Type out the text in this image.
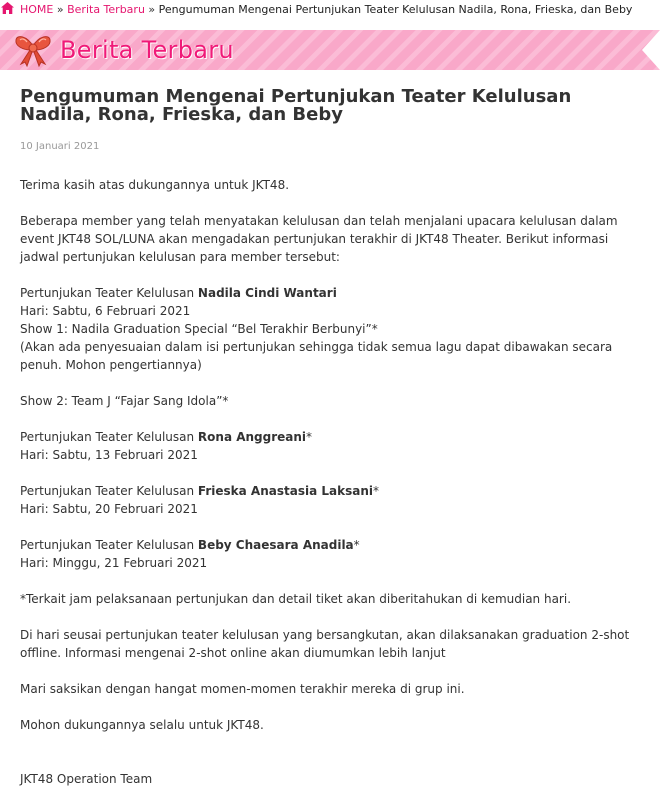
HOME » Berita Terbaru » Pengumuman Mengenai Pertunjukan Teater Kelulusan Nadila, Rona, Frieska, dan Beby
Berita Terbaru
Pengumuman Mengenai Pertunjukan Teater Kelulusan Nadila, Rona, Frieska, dan Beby
10 Januari 2021

Terima kasih atas dukungannya untuk JKT48.

Beberapa member yang telah menyatakan kelulusan dan telah menjalani upacara kelulusan dalam event JKT48 SOL/LUNA akan mengadakan pertunjukan terakhir di JKT48 Theater. Berikut informasi jadwal pertunjukan kelulusan para member tersebut:

Pertunjukan Teater Kelulusan Nadila Cindi Wantari
Hari: Sabtu, 6 Februari 2021
Show 1: Nadila Graduation Special “Bel Terakhir Berbunyi”*
(Akan ada penyesuaian dalam isi pertunjukan sehingga tidak semua lagu dapat dibawakan secara penuh. Mohon pengertiannya)

Show 2: Team J “Fajar Sang Idola”*

Pertunjukan Teater Kelulusan Rona Anggreani*
Hari: Sabtu, 13 Februari 2021

Pertunjukan Teater Kelulusan Frieska Anastasia Laksani*
Hari: Sabtu, 20 Februari 2021

Pertunjukan Teater Kelulusan Beby Chaesara Anadila*
Hari: Minggu, 21 Februari 2021

*Terkait jam pelaksanaan pertunjukan dan detail tiket akan diberitahukan di kemudian hari.

Di hari seusai pertunjukan teater kelulusan yang bersangkutan, akan dilaksanakan graduation 2-shot offline. Informasi mengenai 2-shot online akan diumumkan lebih lanjut

Mari saksikan dengan hangat momen-momen terakhir mereka di grup ini.

Mohon dukungannya selalu untuk JKT48.

JKT48 Operation Team
